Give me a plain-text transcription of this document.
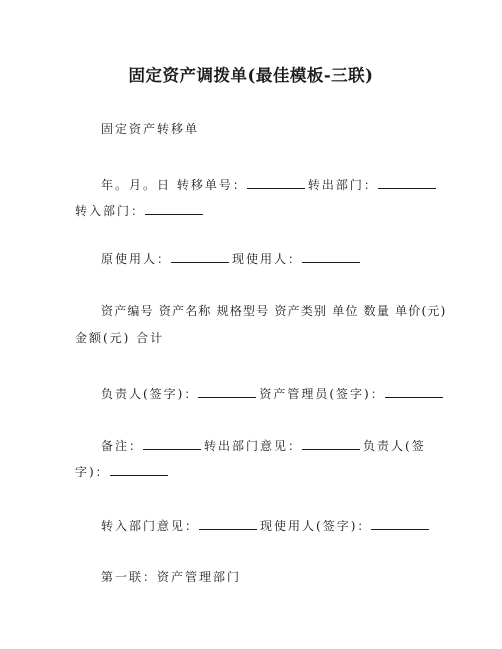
固定资产调拨单(最佳模板-三联)
固定资产转移单
年。月。日 转移单号：	转出部门：
转入部门：
原使用人：	现使用人：
资产编号 资产名称 规格型号 资产类别 单位 数量 单价(元)
金额(元) 合计
负责人(签字)：	资产管理员(签字)：
备注：	转出部门意见：	负责人(签
字)：
转入部门意见：	现使用人(签字)：
第一联：资产管理部门
